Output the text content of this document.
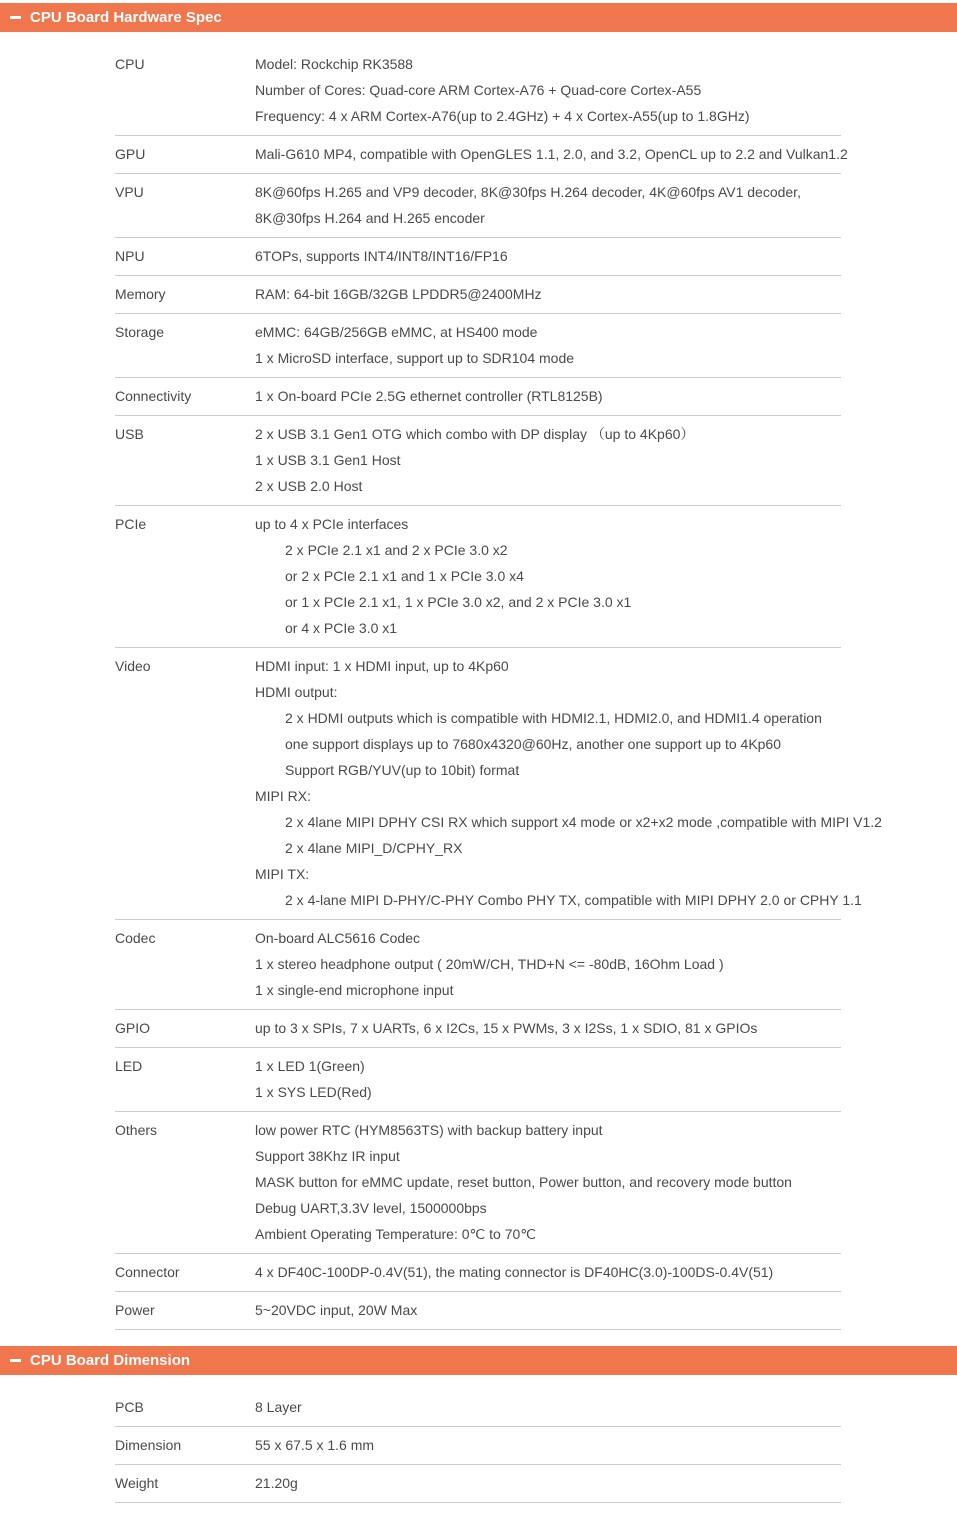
CPU Board Hardware Spec
CPU	Model: Rockchip RK3588
Number of Cores: Quad-core ARM Cortex-A76 + Quad-core Cortex-A55
Frequency: 4 x ARM Cortex-A76(up to 2.4GHz) + 4 x Cortex-A55(up to 1.8GHz)
GPU	Mali-G610 MP4, compatible with OpenGLES 1.1, 2.0, and 3.2, OpenCL up to 2.2 and Vulkan1.2
VPU	8K@60fps H.265 and VP9 decoder, 8K@30fps H.264 decoder, 4K@60fps AV1 decoder,
8K@30fps H.264 and H.265 encoder
NPU	6TOPs, supports INT4/INT8/INT16/FP16
Memory	RAM: 64-bit 16GB/32GB LPDDR5@2400MHz
Storage	eMMC: 64GB/256GB eMMC, at HS400 mode
1 x MicroSD interface, support up to SDR104 mode
Connectivity	1 x On-board PCIe 2.5G ethernet controller (RTL8125B)
USB	2 x USB 3.1 Gen1 OTG which combo with DP display （up to 4Kp60）
1 x USB 3.1 Gen1 Host
2 x USB 2.0 Host
PCIe	up to 4 x PCIe interfaces
2 x PCIe 2.1 x1 and 2 x PCIe 3.0 x2
or 2 x PCIe 2.1 x1 and 1 x PCIe 3.0 x4
or 1 x PCIe 2.1 x1, 1 x PCIe 3.0 x2, and 2 x PCIe 3.0 x1
or 4 x PCIe 3.0 x1
Video	HDMI input: 1 x HDMI input, up to 4Kp60
HDMI output:
2 x HDMI outputs which is compatible with HDMI2.1, HDMI2.0, and HDMI1.4 operation
one support displays up to 7680x4320@60Hz, another one support up to 4Kp60
Support RGB/YUV(up to 10bit) format
MIPI RX:
2 x 4lane MIPI DPHY CSI RX which support x4 mode or x2+x2 mode ,compatible with MIPI V1.2
2 x 4lane MIPI_D/CPHY_RX
MIPI TX:
2 x 4-lane MIPI D-PHY/C-PHY Combo PHY TX, compatible with MIPI DPHY 2.0 or CPHY 1.1
Codec	On-board ALC5616 Codec
1 x stereo headphone output ( 20mW/CH, THD+N <= -80dB, 16Ohm Load )
1 x single-end microphone input
GPIO	up to 3 x SPIs, 7 x UARTs, 6 x I2Cs, 15 x PWMs, 3 x I2Ss, 1 x SDIO, 81 x GPIOs
LED	1 x LED 1(Green)
1 x SYS LED(Red)
Others	low power RTC (HYM8563TS) with backup battery input
Support 38Khz IR input
MASK button for eMMC update, reset button, Power button, and recovery mode button
Debug UART,3.3V level, 1500000bps
Ambient Operating Temperature: 0℃ to 70℃
Connector	4 x DF40C-100DP-0.4V(51), the mating connector is DF40HC(3.0)-100DS-0.4V(51)
Power	5~20VDC input, 20W Max
CPU Board Dimension
PCB	8 Layer
Dimension	55 x 67.5 x 1.6 mm
Weight	21.20g
